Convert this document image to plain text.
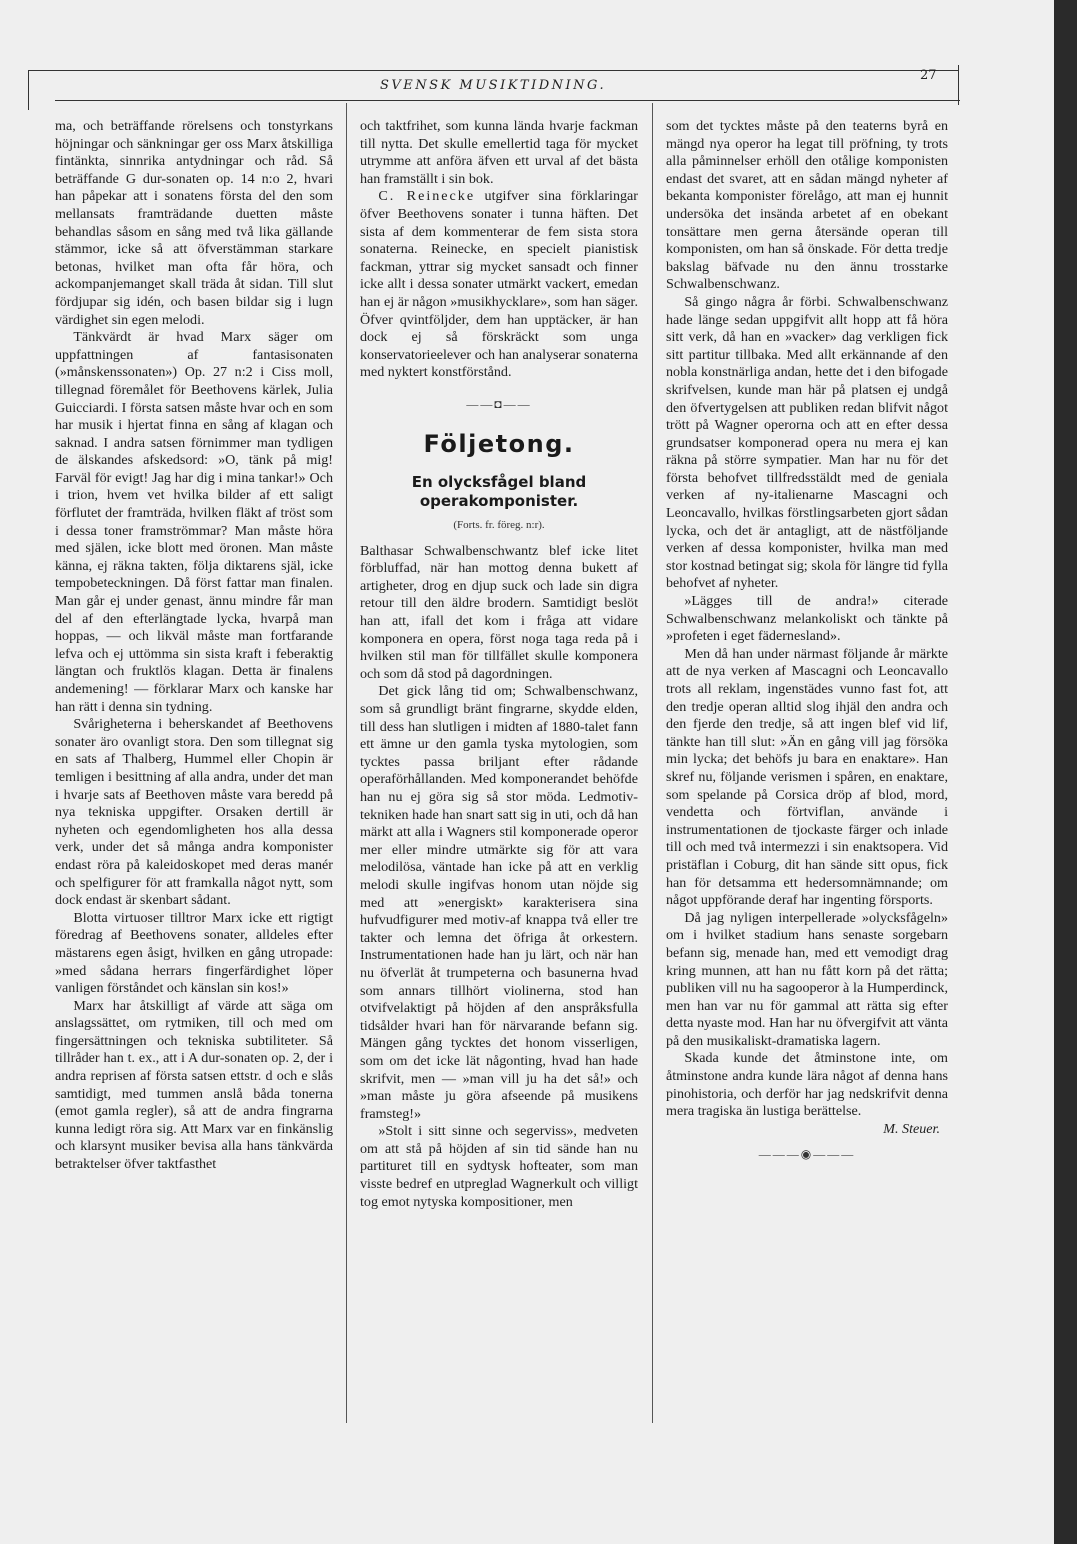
SVENSK MUSIKTIDNING.
27

ma, och beträffande rörelsens och tonstyrkans höjningar och sänkningar ger oss Marx åtskilliga fintänkta, sinnrika antydningar och råd. Så beträffande G dur-sonaten op. 14 n:o 2, hvari han påpekar att i sonatens första del den som mellansats framträdande duetten måste behandlas såsom en sång med två lika gällande stämmor, icke så att öfverstämman starkare betonas, hvilket man ofta får höra, och ackompanjemanget skall träda åt sidan. Till slut fördjupar sig idén, och basen bildar sig i lugn värdighet sin egen melodi.

Tänkvärdt är hvad Marx säger om uppfattningen af fantasisonaten (»månskenssonaten») Op. 27 n:2 i Ciss moll, tillegnad föremålet för Beethovens kärlek, Julia Guicciardi. I första satsen måste hvar och en som har musik i hjertat finna en sång af klagan och saknad. I andra satsen förnimmer man tydligen de älskandes afskedsord: »O, tänk på mig! Farväl för evigt! Jag har dig i mina tankar!» Och i trion, hvem vet hvilka bilder af ett saligt förflutet der framträda, hvilken fläkt af tröst som i dessa toner framströmmar? Man måste höra med själen, icke blott med öronen. Man måste känna, ej räkna takten, följa diktarens själ, icke tempobeteckningen. Då först fattar man finalen. Man går ej under genast, ännu mindre får man del af den efterlängtade lycka, hvarpå man hoppas, — och likväl måste man fortfarande lefva och ej uttömma sin sista kraft i feberaktig längtan och fruktlös klagan. Detta är finalens andemening! — förklarar Marx och kanske har han rätt i denna sin tydning.

Svårigheterna i beherskandet af Beethovens sonater äro ovanligt stora. Den som tillegnat sig en sats af Thalberg, Hummel eller Chopin är temligen i besittning af alla andra, under det man i hvarje sats af Beethoven måste vara beredd på nya tekniska uppgifter. Orsaken dertill är nyheten och egendomligheten hos alla dessa verk, under det så många andra komponister endast röra på kaleidoskopet med deras manér och spelfigurer för att framkalla något nytt, som dock endast är skenbart sådant.

Blotta virtuoser tilltror Marx icke ett rigtigt föredrag af Beethovens sonater, alldeles efter mästarens egen åsigt, hvilken en gång utropade: »med sådana herrars fingerfärdighet löper vanligen förståndet och känslan sin kos!»

Marx har åtskilligt af värde att säga om anslagssättet, om rytmiken, till och med om fingersättningen och tekniska subtiliteter. Så tillråder han t. ex., att i A dur-sonaten op. 2, der i andra reprisen af första satsen ettstr. d och e slås samtidigt, med tummen anslå båda tonerna (emot gamla regler), så att de andra fingrarna kunna ledigt röra sig. Att Marx var en finkänslig och klarsynt musiker bevisa alla hans tänkvärda betraktelser öfver taktfasthet

och taktfrihet, som kunna lända hvarje fackman till nytta. Det skulle emellertid taga för mycket utrymme att anföra äfven ett urval af det bästa han framställt i sin bok.

C. Reinecke utgifver sina förklaringar öfver Beethovens sonater i tunna häften. Det sista af dem kommenterar de fem sista stora sonaterna. Reinecke, en specielt pianistisk fackman, yttrar sig mycket sansadt och finner icke allt i dessa sonater utmärkt vackert, emedan han ej är någon »musikhycklare», som han säger. Öfver qvintföljder, dem han upptäcker, är han dock ej så förskräckt som unga konservatorieelever och han analyserar sonaterna med nyktert konstförstånd.

——◘——
Följetong.
En olycksfågel bland operakomponister.
(Forts. fr. föreg. n:r).

Balthasar Schwalbenschwantz blef icke litet förbluffad, när han mottog denna bukett af artigheter, drog en djup suck och lade sin digra retour till den äldre brodern. Samtidigt beslöt han att, ifall det kom i fråga att vidare komponera en opera, först noga taga reda på i hvilken stil man för tillfället skulle komponera och som då stod på dagordningen.

Det gick lång tid om; Schwalbenschwanz, som så grundligt bränt fingrarne, skydde elden, till dess han slutligen i midten af 1880-talet fann ett ämne ur den gamla tyska mytologien, som tycktes passa briljant efter rådande operaförhållanden. Med komponerandet behöfde han nu ej göra sig så stor möda. Ledmotiv-tekniken hade han snart satt sig in uti, och då han märkt att alla i Wagners stil komponerade operor mer eller mindre utmärkte sig för att vara melodilösa, väntade han icke på att en verklig melodi skulle ingifvas honom utan nöjde sig med att »energiskt» karakterisera sina hufvudfigurer med motiv-af knappa två eller tre takter och lemna det öfriga åt orkestern. Instrumentationen hade han ju lärt, och när han nu öfverlät åt trumpeterna och basunerna hvad som annars tillhört violinerna, stod han otvifvelaktigt på höjden af den anspråksfulla tidsålder hvari han för närvarande befann sig. Mängen gång tycktes det honom visserligen, som om det icke lät någonting, hvad han hade skrifvit, men — »man vill ju ha det så!» och »man måste ju göra afseende på musikens framsteg!»

»Stolt i sitt sinne och segerviss», medveten om att stå på höjden af sin tid sände han nu partituret till en sydtysk hofteater, som man visste bedref en utpreglad Wagnerkult och villigt tog emot nytyska kompositioner, men

som det tycktes måste på den teaterns byrå en mängd nya operor ha legat till pröfning, ty trots alla påminnelser erhöll den otålige komponisten endast det svaret, att en sådan mängd nyheter af bekanta komponister förelågo, att man ej hunnit undersöka det insända arbetet af en obekant tonsättare men gerna återsände operan till komponisten, om han så önskade. För detta tredje bakslag bäfvade nu den ännu trosstarke Schwalbenschwanz.

Så gingo några år förbi. Schwalbenschwanz hade länge sedan uppgifvit allt hopp att få höra sitt verk, då han en »vacker» dag verkligen fick sitt partitur tillbaka. Med allt erkännande af den nobla konstnärliga andan, hette det i den bifogade skrifvelsen, kunde man här på platsen ej undgå den öfvertygelsen att publiken redan blifvit något trött på Wagner operorna och att en efter dessa grundsatser komponerad opera nu mera ej kan räkna på större sympatier. Man har nu för det första behofvet tillfredsstäldt med de geniala verken af ny-italienarne Mascagni och Leoncavallo, hvilkas förstlingsarbeten gjort sådan lycka, och det är antagligt, att de nästföljande verken af dessa komponister, hvilka man med stor kostnad betingat sig; skola för längre tid fylla behofvet af nyheter.

»Lägges till de andra!» citerade Schwalbenschwanz melankoliskt och tänkte på »profeten i eget fädernesland».

Men då han under närmast följande år märkte att de nya verken af Mascagni och Leoncavallo trots all reklam, ingenstädes vunno fast fot, att den tredje operan alltid slog ihjäl den andra och den fjerde den tredje, så att ingen blef vid lif, tänkte han till slut: »Än en gång vill jag försöka min lycka; det behöfs ju bara en enaktare». Han skref nu, följande verismen i spåren, en enaktare, som spelande på Corsica dröp af blod, mord, vendetta och förtviflan, använde i instrumentationen de tjockaste färger och inlade till och med två intermezzi i sin enaktsopera. Vid pristäflan i Coburg, dit han sände sitt opus, fick han för detsamma ett hedersomnämnande; om något uppförande deraf har ingenting försports.

Då jag nyligen interpellerade »olycksfågeln» om i hvilket stadium hans senaste sorgebarn befann sig, menade han, med ett vemodigt drag kring munnen, att han nu fått korn på det rätta; publiken vill nu ha sagooperor à la Humperdinck, men han var nu för gammal att rätta sig efter detta nyaste mod. Han har nu öfvergifvit att vänta på den musikaliskt-dramatiska lagern.

Skada kunde det åtminstone inte, om åtminstone andra kunde lära något af denna hans pinohistoria, och derför har jag nedskrifvit denna mera tragiska än lustiga berättelse.

M. Steuer.
———◉———
